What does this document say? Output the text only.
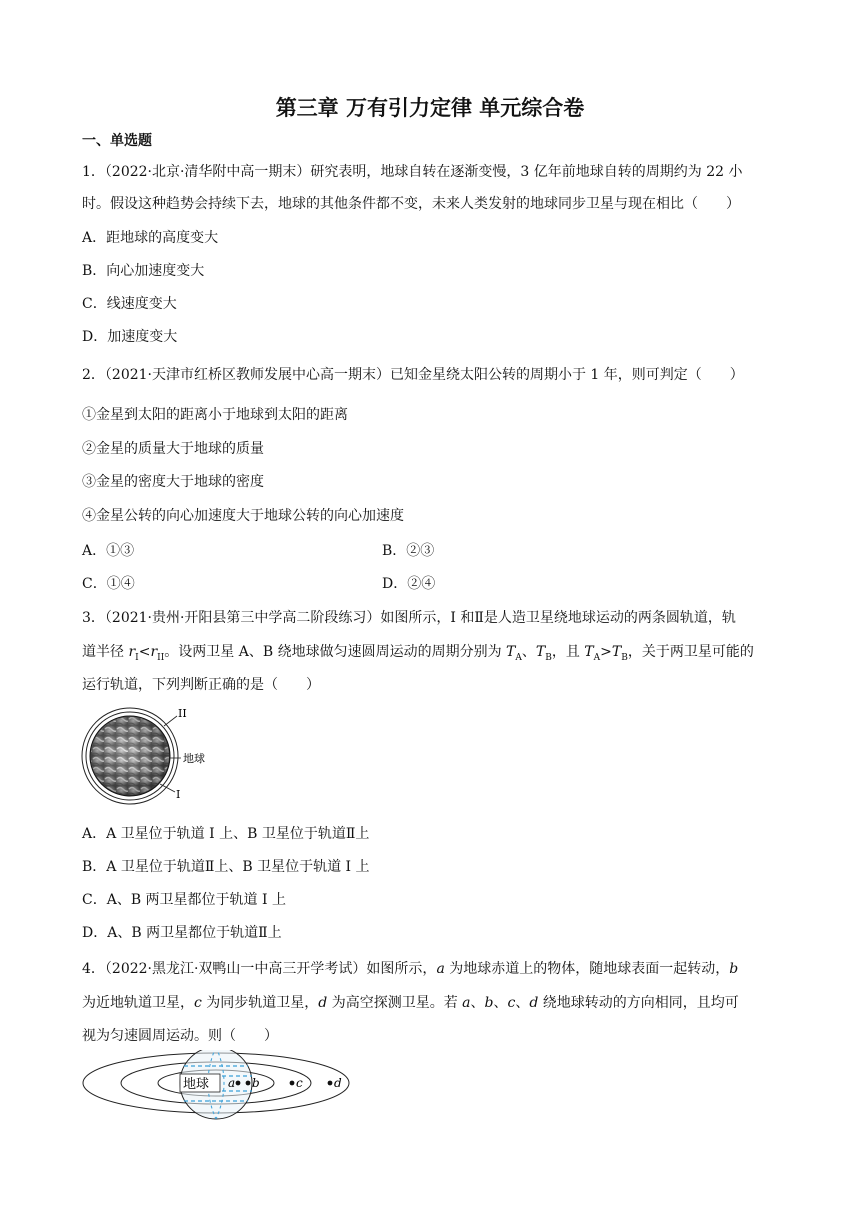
第三章 万有引力定律 单元综合卷
一、单选题
1．（2022·北京·清华附中高一期末）研究表明，地球自转在逐渐变慢，3 亿年前地球自转的周期约为 22 小
时。假设这种趋势会持续下去，地球的其他条件都不变，未来人类发射的地球同步卫星与现在相比（　　）
A．距地球的高度变大
B．向心加速度变大
C．线速度变大
D．加速度变大
2．（2021·天津市红桥区教师发展中心高一期末）已知金星绕太阳公转的周期小于 1 年，则可判定（　　）
①金星到太阳的距离小于地球到太阳的距离
②金星的质量大于地球的质量
③金星的密度大于地球的密度
④金星公转的向心加速度大于地球公转的向心加速度
A．①③	B．②③
C．①④	D．②④
3．（2021·贵州·开阳县第三中学高二阶段练习）如图所示，I 和Ⅱ是人造卫星绕地球运动的两条圆轨道，轨
道半径 $r_I<r_{II}$。设两卫星 A、B 绕地球做匀速圆周运动的周期分别为 $T_A$、$T_B$，且 $T_A>T_B$，关于两卫星可能的
运行轨道，下列判断正确的是（　　）
II
地球
I
A．A 卫星位于轨道 I 上、B 卫星位于轨道Ⅱ上
B．A 卫星位于轨道Ⅱ上、B 卫星位于轨道 I 上
C．A、B 两卫星都位于轨道 I 上
D．A、B 两卫星都位于轨道Ⅱ上
4．（2022·黑龙江·双鸭山一中高三开学考试）如图所示，a 为地球赤道上的物体，随地球表面一起转动，b
为近地轨道卫星，c 为同步轨道卫星，d 为高空探测卫星。若 a、b、c、d 绕地球转动的方向相同，且均可
视为匀速圆周运动。则（　　）
地球 a b	c	d
